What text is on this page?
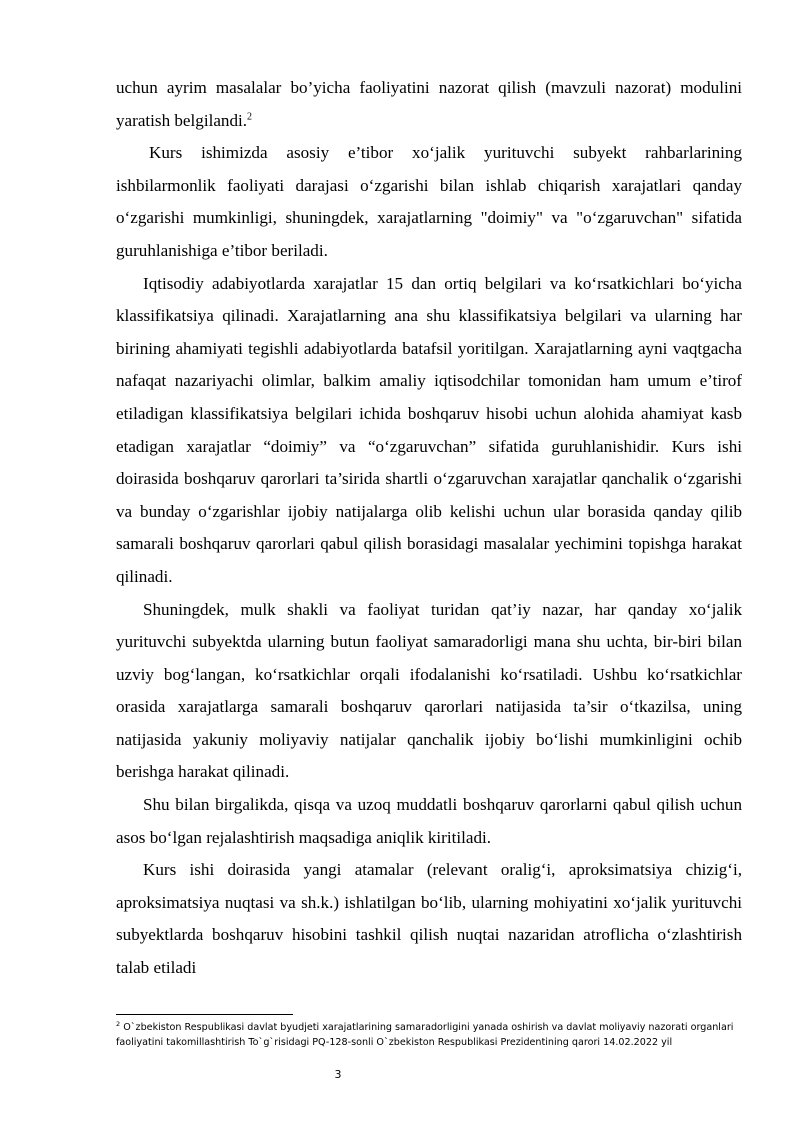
uchun ayrim masalalar bo’yicha faoliyatini nazorat qilish (mavzuli nazorat) modulini yaratish belgilandi.$^2$

Kurs ishimizda asosiy e’tibor xo‘jalik yurituvchi subyekt rahbarlarining ishbilarmonlik faoliyati darajasi o‘zgarishi bilan ishlab chiqarish xarajatlari qanday o‘zgarishi mumkinligi, shuningdek, xarajatlarning "doimiy" va "o‘zgaruvchan" sifatida guruhlanishiga e’tibor beriladi.

Iqtisodiy adabiyotlarda xarajatlar 15 dan ortiq belgilari va ko‘rsatkichlari bo‘yicha klassifikatsiya qilinadi. Xarajatlarning ana shu klassifikatsiya belgilari va ularning har birining ahamiyati tegishli adabiyotlarda batafsil yoritilgan. Xarajatlarning ayni vaqtgacha nafaqat nazariyachi olimlar, balkim amaliy iqtisodchilar tomonidan ham umum e’tirof etiladigan klassifikatsiya belgilari ichida boshqaruv hisobi uchun alohida ahamiyat kasb etadigan xarajatlar “doimiy” va “o‘zgaruvchan” sifatida guruhlanishidir. Kurs ishi doirasida boshqaruv qarorlari ta’sirida shartli o‘zgaruvchan xarajatlar qanchalik o‘zgarishi va bunday o‘zgarishlar ijobiy natijalarga olib kelishi uchun ular borasida qanday qilib samarali boshqaruv qarorlari qabul qilish borasidagi masalalar yechimini topishga harakat qilinadi.

Shuningdek, mulk shakli va faoliyat turidan qat’iy nazar, har qanday xo‘jalik yurituvchi subyektda ularning butun faoliyat samaradorligi mana shu uchta, bir-biri bilan uzviy bog‘langan, ko‘rsatkichlar orqali ifodalanishi ko‘rsatiladi. Ushbu ko‘rsatkichlar orasida xarajatlarga samarali boshqaruv qarorlari natijasida ta’sir o‘tkazilsa, uning natijasida yakuniy moliyaviy natijalar qanchalik ijobiy bo‘lishi mumkinligini ochib berishga harakat qilinadi.

Shu bilan birgalikda, qisqa va uzoq muddatli boshqaruv qarorlarni qabul qilish uchun asos bo‘lgan rejalashtirish maqsadiga aniqlik kiritiladi.

Kurs ishi doirasida yangi atamalar (relevant oralig‘i, aproksimatsiya chizig‘i, aproksimatsiya nuqtasi va sh.k.) ishlatilgan bo‘lib, ularning mohiyatini xo‘jalik yurituvchi subyektlarda boshqaruv hisobini tashkil qilish nuqtai nazaridan atroflicha o‘zlashtirish talab etiladi

$^2$ O`zbekiston Respublikasi davlat byudjeti xarajatlarining samaradorligini yanada oshirish va davlat moliyaviy nazorati organlari faoliyatini takomillashtirish To`g`risidagi PQ-128-sonli O`zbekiston Respublikasi Prezidentining qarori 14.02.2022 yil

3
